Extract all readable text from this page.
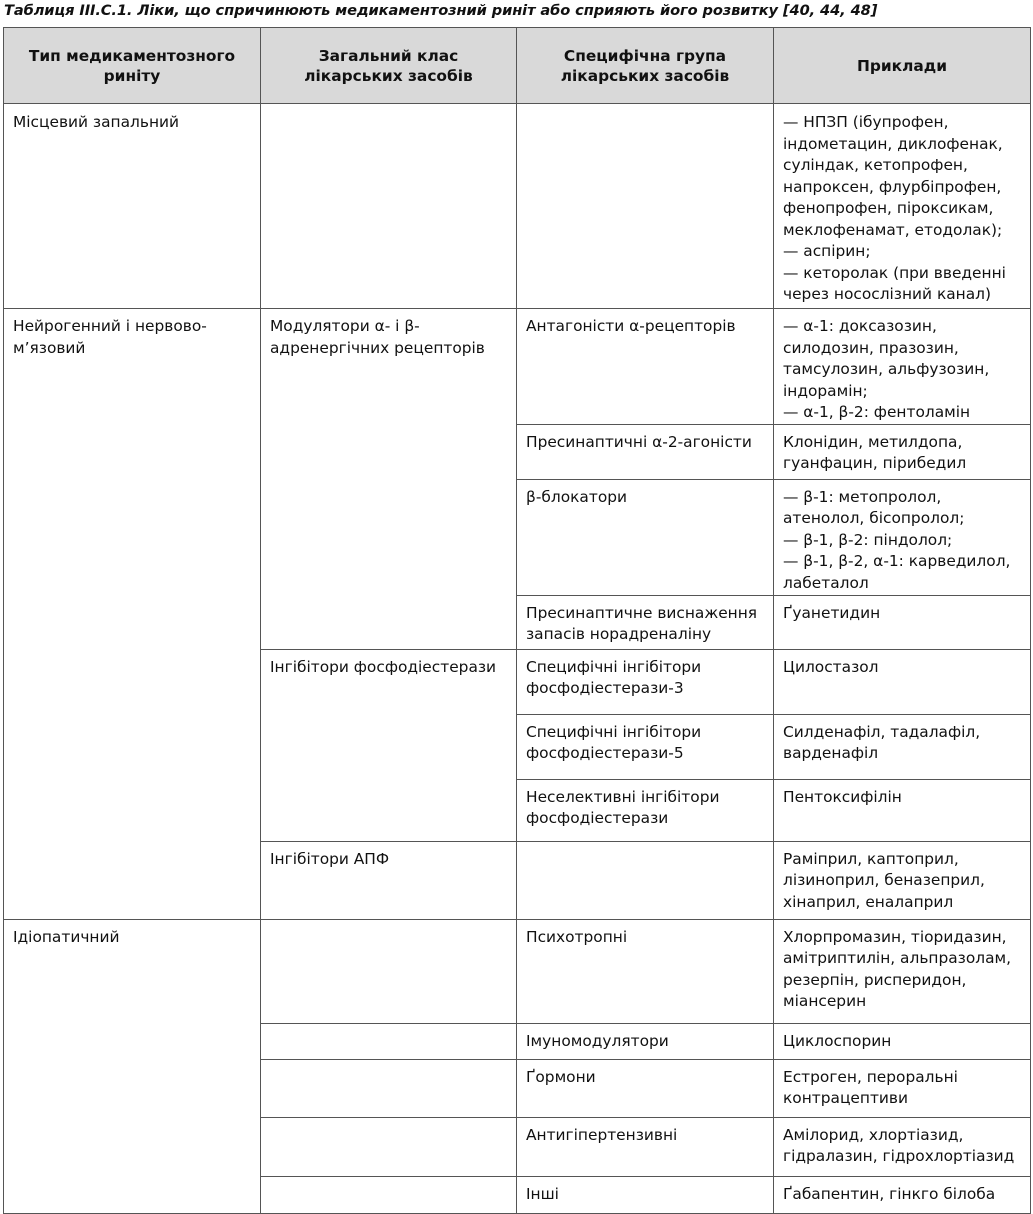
Таблиця ІІІ.С.1. Ліки, що спричинюють медикаментозний риніт або сприяють його розвитку [40, 44, 48]
Тип медикаментозного риніту	Загальний клас лікарських засобів	Специфічна група лікарських засобів	Приклади
Місцевий запальний			— НПЗП (ібупрофен, індометацин, диклофенак, суліндак, кетопрофен, напроксен, флурбіпрофен, фенопрофен, піроксикам, меклофенамат, етодолак);
— аспірин;
— кеторолак (при введенні через носослізний канал)
Нейрогенний і нервово-м’язовий	Модулятори α- і β-адренергічних рецепторів	Антагоністи α-рецепторів	— α-1: доксазозин, силодозин, празозин, тамсулозин, альфузозин, індорамін;
— α-1, β-2: фентоламін
		Пресинаптичні α-2-агоністи	Клонідин, метилдопа, гуанфацин, пірибедил
		β-блокатори	— β-1: метопролол, атенолол, бісопролол;
— β-1, β-2: піндолол;
— β-1, β-2, α-1: карведилол, лабеталол
		Пресинаптичне виснаження запасів норадреналіну	Ґуанетидин
	Інгібітори фосфодіестерази	Специфічні інгібітори фосфодіестерази-3	Цилостазол
		Специфічні інгібітори фосфодіестерази-5	Силденафіл, тадалафіл, варденафіл
		Неселективні інгібітори фосфодіестерази	Пентоксифілін
	Інгібітори АПФ		Раміприл, каптоприл, лізиноприл, беназеприл, хінаприл, еналаприл
Ідіопатичний		Психотропні	Хлорпромазин, тіоридазин, амітриптилін, альпразолам, резерпін, рисперидон, міансерин
		Імуномодулятори	Циклоспорин
		Ґормони	Естроген, пероральні контрацептиви
		Антигіпертензивні	Амілорид, хлортіазид, гідралазин, гідрохлортіазид
		Інші	Ґабапентин, гінкго білоба
